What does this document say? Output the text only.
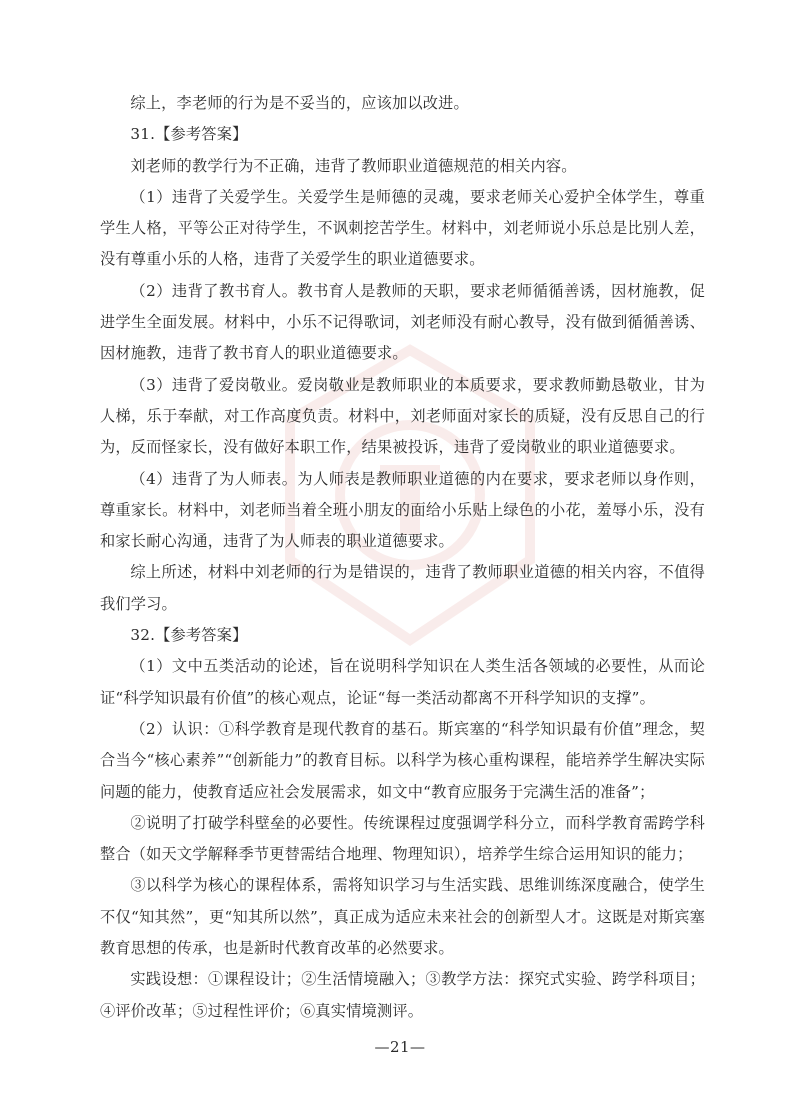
综上，李老师的行为是不妥当的，应该加以改进。

31.【参考答案】

刘老师的教学行为不正确，违背了教师职业道德规范的相关内容。

（1）违背了关爱学生。关爱学生是师德的灵魂，要求老师关心爱护全体学生，尊重学生人格，平等公正对待学生，不讽刺挖苦学生。材料中，刘老师说小乐总是比别人差，没有尊重小乐的人格，违背了关爱学生的职业道德要求。

（2）违背了教书育人。教书育人是教师的天职，要求老师循循善诱，因材施教，促进学生全面发展。材料中，小乐不记得歌词，刘老师没有耐心教导，没有做到循循善诱、因材施教，违背了教书育人的职业道德要求。

（3）违背了爱岗敬业。爱岗敬业是教师职业的本质要求，要求教师勤恳敬业，甘为人梯，乐于奉献，对工作高度负责。材料中，刘老师面对家长的质疑，没有反思自己的行为，反而怪家长，没有做好本职工作，结果被投诉，违背了爱岗敬业的职业道德要求。

（4）违背了为人师表。为人师表是教师职业道德的内在要求，要求老师以身作则，尊重家长。材料中，刘老师当着全班小朋友的面给小乐贴上绿色的小花，羞辱小乐，没有和家长耐心沟通，违背了为人师表的职业道德要求。

综上所述，材料中刘老师的行为是错误的，违背了教师职业道德的相关内容，不值得我们学习。

32.【参考答案】

（1）文中五类活动的论述，旨在说明科学知识在人类生活各领域的必要性，从而论证“科学知识最有价值”的核心观点，论证“每一类活动都离不开科学知识的支撑”。

（2）认识：①科学教育是现代教育的基石。斯宾塞的“科学知识最有价值”理念，契合当今“核心素养”“创新能力”的教育目标。以科学为核心重构课程，能培养学生解决实际问题的能力，使教育适应社会发展需求，如文中“教育应服务于完满生活的准备”；

②说明了打破学科壁垒的必要性。传统课程过度强调学科分立，而科学教育需跨学科整合（如天文学解释季节更替需结合地理、物理知识），培养学生综合运用知识的能力；

③以科学为核心的课程体系，需将知识学习与生活实践、思维训练深度融合，使学生不仅“知其然”，更“知其所以然”，真正成为适应未来社会的创新型人才。这既是对斯宾塞教育思想的传承，也是新时代教育改革的必然要求。

实践设想：①课程设计；②生活情境融入；③教学方法：探究式实验、跨学科项目；④评价改革；⑤过程性评价；⑥真实情境测评。

—21—
